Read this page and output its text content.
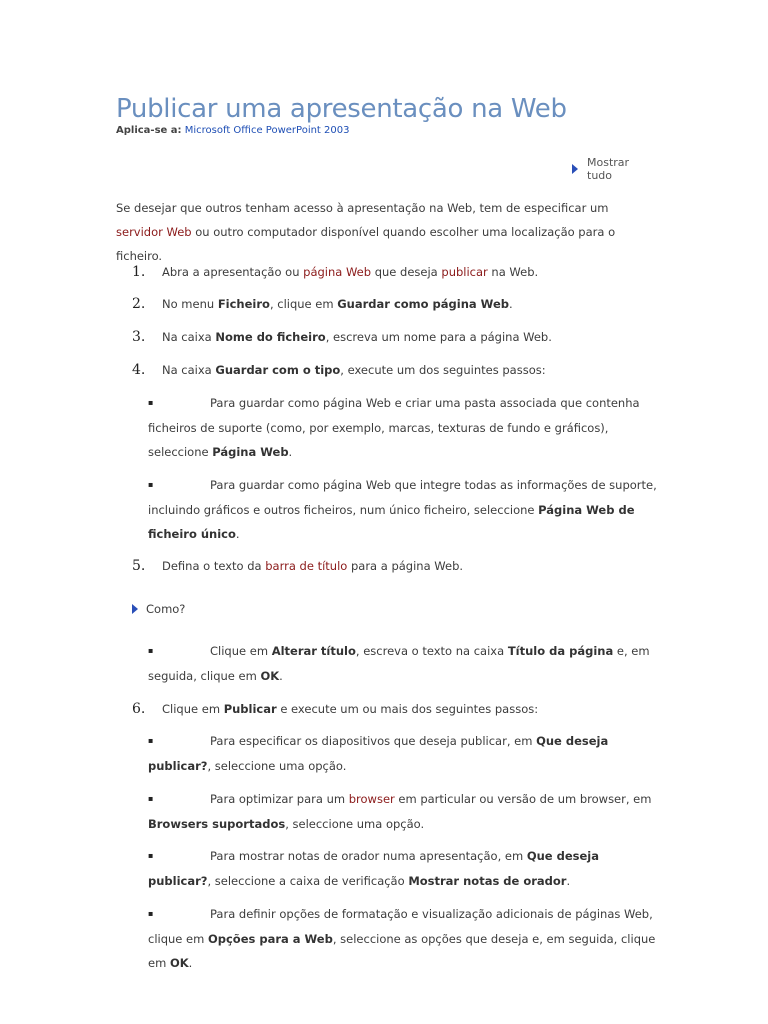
Publicar uma apresentação na Web
Aplica-se a: Microsoft Office PowerPoint 2003
Mostrar tudo
Se desejar que outros tenham acesso à apresentação na Web, tem de especificar um servidor Web ou outro computador disponível quando escolher uma localização para o ficheiro.
1. Abra a apresentação ou página Web que deseja publicar na Web.
2. No menu Ficheiro, clique em Guardar como página Web.
3. Na caixa Nome do ficheiro, escreva um nome para a página Web.
4. Na caixa Guardar com o tipo, execute um dos seguintes passos:
▪	Para guardar como página Web e criar uma pasta associada que contenha ficheiros de suporte (como, por exemplo, marcas, texturas de fundo e gráficos), seleccione Página Web.
▪	Para guardar como página Web que integre todas as informações de suporte, incluindo gráficos e outros ficheiros, num único ficheiro, seleccione Página Web de ficheiro único.
5. Defina o texto da barra de título para a página Web.
Como?
▪	Clique em Alterar título, escreva o texto na caixa Título da página e, em seguida, clique em OK.
6. Clique em Publicar e execute um ou mais dos seguintes passos:
▪	Para especificar os diapositivos que deseja publicar, em Que deseja publicar?, seleccione uma opção.
▪	Para optimizar para um browser em particular ou versão de um browser, em Browsers suportados, seleccione uma opção.
▪	Para mostrar notas de orador numa apresentação, em Que deseja publicar?, seleccione a caixa de verificação Mostrar notas de orador.
▪	Para definir opções de formatação e visualização adicionais de páginas Web, clique em Opções para a Web, seleccione as opções que deseja e, em seguida, clique em OK.
